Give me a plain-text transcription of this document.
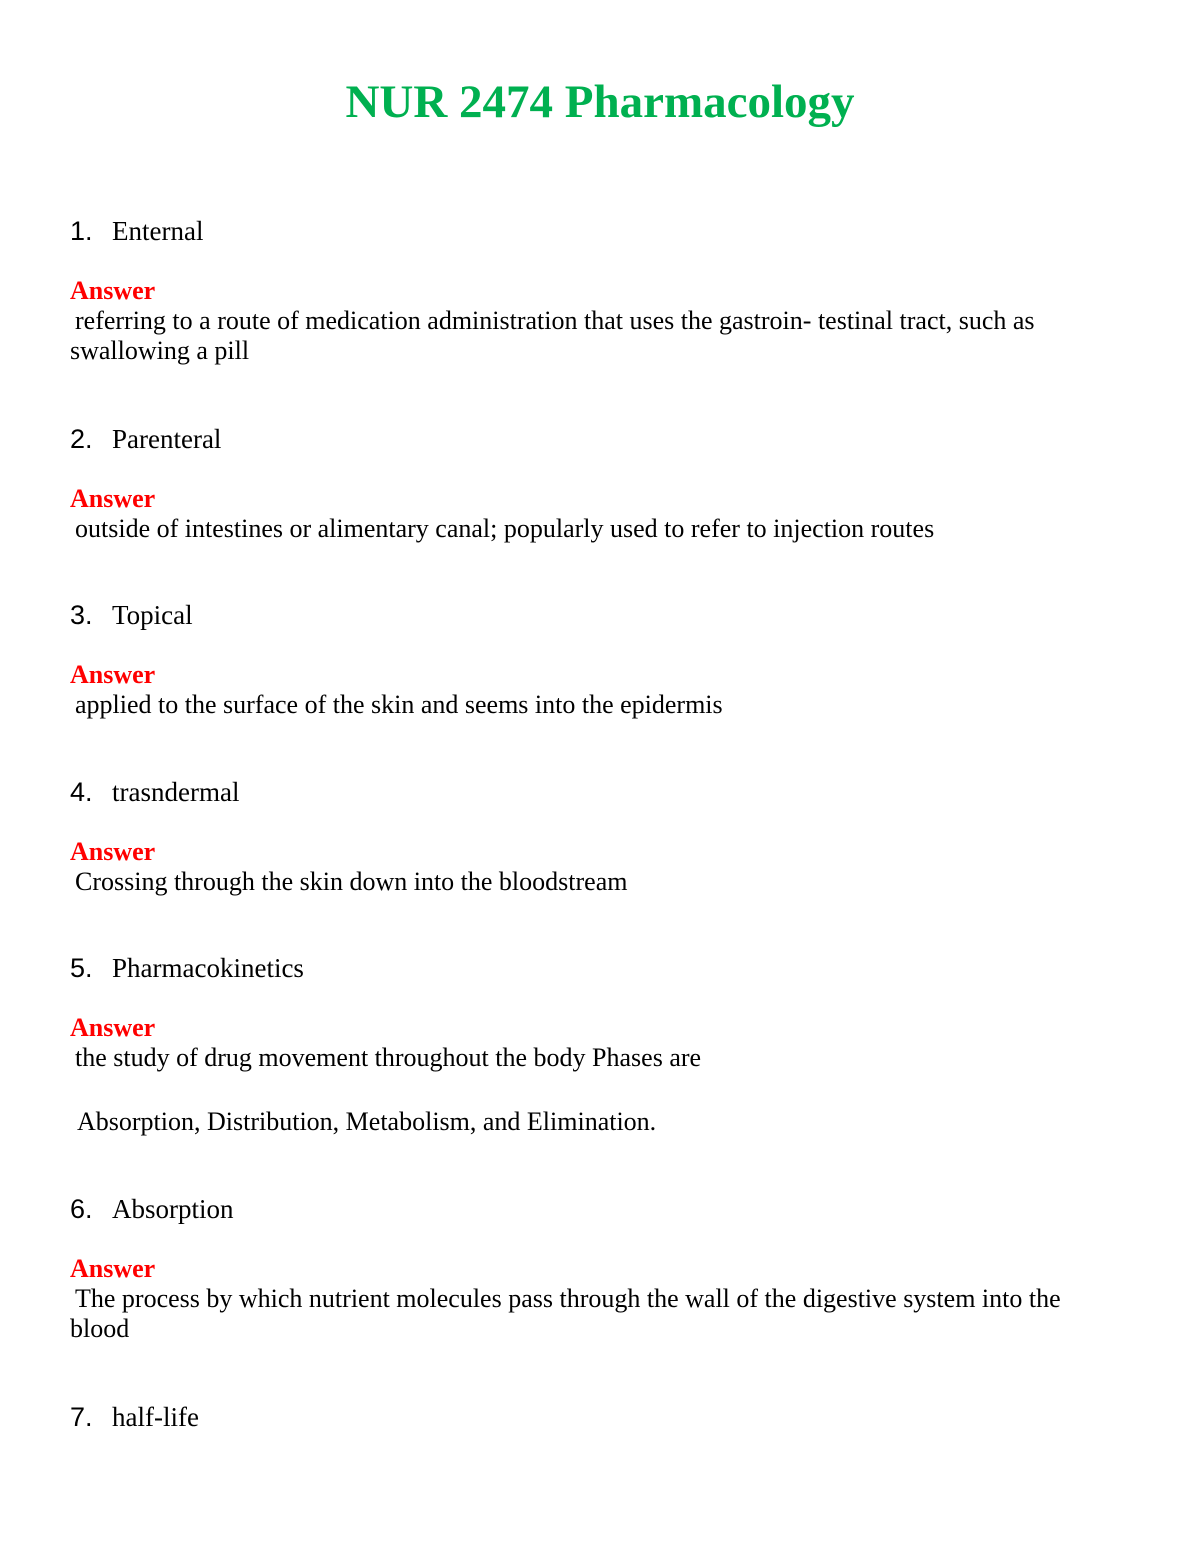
NUR 2474 Pharmacology
1. Enternal
Answer
referring to a route of medication administration that uses the gastroin- testinal tract, such as swallowing a pill
2. Parenteral
Answer
outside of intestines or alimentary canal; popularly used to refer to injection routes
3. Topical
Answer
applied to the surface of the skin and seems into the epidermis
4. trasndermal
Answer
Crossing through the skin down into the bloodstream
5. Pharmacokinetics
Answer
the study of drug movement throughout the body Phases are
Absorption, Distribution, Metabolism, and Elimination.
6. Absorption
Answer
The process by which nutrient molecules pass through the wall of the digestive system into the blood
7. half-life
